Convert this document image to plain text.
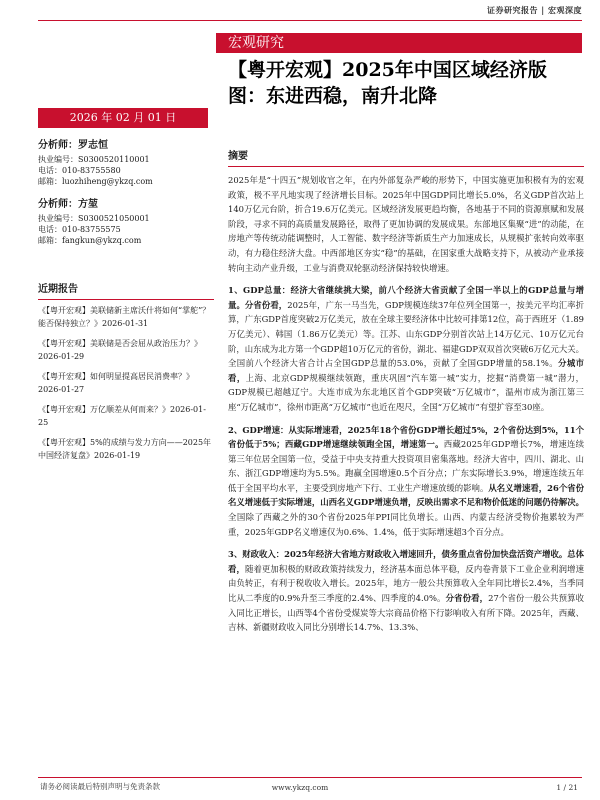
证券研究报告 | 宏观深度
宏观研究
【粤开宏观】2025年中国区域经济版图：东进西稳，南升北降
2026 年 02 月 01 日
分析师：罗志恒
执业编号：S0300520110001
电话：010-83755580
邮箱：luozhiheng@ykzq.com
分析师：方堃
执业编号：S0300521050001
电话：010-83755575
邮箱：fangkun@ykzq.com
近期报告
《【粤开宏观】美联储新主席沃什将如何“掌舵”？能否保持独立？》2026-01-31
《【粤开宏观】美联储是否会屈从政治压力？》2026-01-29
《【粤开宏观】如何明显提高居民消费率？》2026-01-27
《【粤开宏观】万亿顺差从何而来？》2026-01-25
《【粤开宏观】5%的成绩与发力方向——2025年中国经济复盘》2026-01-19
摘要

2025年是“十四五”规划收官之年，在内外部复杂严峻的形势下，中国实施更加积极有为的宏观政策，极不平凡地实现了经济增长目标。2025年中国GDP同比增长5.0%，名义GDP首次站上140万亿元台阶，折合19.6万亿美元。区域经济发展更趋均衡，各地基于不同的资源禀赋和发展阶段，寻求不同的高质量发展路径，取得了更加协调的发展成果。东部地区集聚“进”的动能，在房地产等传统动能调整时，人工智能、数字经济等新质生产力加速成长，从规模扩张转向效率驱动，有力稳住经济大盘。中西部地区夯实“稳”的基础，在国家重大战略支持下，从被动产业承接转向主动产业升级，工业与消费双轮驱动经济保持较快增速。

1、GDP总量：经济大省继续挑大梁，前八个经济大省贡献了全国一半以上的GDP总量与增量。分省份看，2025年，广东一马当先，GDP规模连续37年位列全国第一，按美元平均汇率折算，广东GDP首度突破2万亿美元，放在全球主要经济体中比较可排第12位，高于西班牙（1.89万亿美元）、韩国（1.86万亿美元）等。江苏、山东GDP分别首次站上14万亿元、10万亿元台阶，山东成为北方第一个GDP超10万亿元的省份，湖北、福建GDP双双首次突破6万亿元大关。全国前八个经济大省合计占全国GDP总量的53.0%，贡献了全国GDP增量的58.1%。分城市看，上海、北京GDP规模继续领跑，重庆巩固“汽车第一城”实力，挖掘“消费第一城”潜力，GDP规模已超越辽宁。大连市成为东北地区首个GDP突破“万亿城市”，温州市成为浙江第三座“万亿城市”，徐州市距离“万亿城市”也近在咫尺，全国“万亿城市”有望扩容至30座。

2、GDP增速：从实际增速看，2025年18个省份GDP增长超过5%，2个省份达到5%，11个省份低于5%；西藏GDP增速继续领跑全国，增速第一。西藏2025年GDP增长7%，增速连续第三年位居全国第一位，受益于中央支持重大投资项目密集落地。经济大省中，四川、湖北、山东、浙江GDP增速均为5.5%。跑赢全国增速0.5个百分点；广东实际增长3.9%，增速连续五年低于全国平均水平，主要受到房地产下行、工业生产增速放缓的影响。从名义增速看，26个省份名义增速低于实际增速，山西名义GDP增速负增，反映出需求不足和物价低迷的问题仍待解决。全国除了西藏之外的30个省份2025年PPI同比负增长。山西、内蒙古经济受物价拖累较为严重，2025年GDP名义增速仅为0.6%、1.4%，低于实际增速超3个百分点。

3、财政收入：2025年经济大省地方财政收入增速回升，债务重点省份加快盘活资产增收。总体看，随着更加积极的财政政策持续发力，经济基本面总体平稳，反内卷背景下工业企业利润增速由负转正，有利于税收收入增长。2025年，地方一般公共预算收入全年同比增长2.4%，当季同比从二季度的0.9%升至三季度的2.4%、四季度的4.0%。分省份看，27个省份一般公共预算收入同比正增长，山西等4个省份受煤炭等大宗商品价格下行影响收入有所下降。2025年，西藏、吉林、新疆财政收入同比分别增长14.7%、13.3%、

请务必阅读最后特别声明与免责条款	www.ykzq.com	1 / 21
